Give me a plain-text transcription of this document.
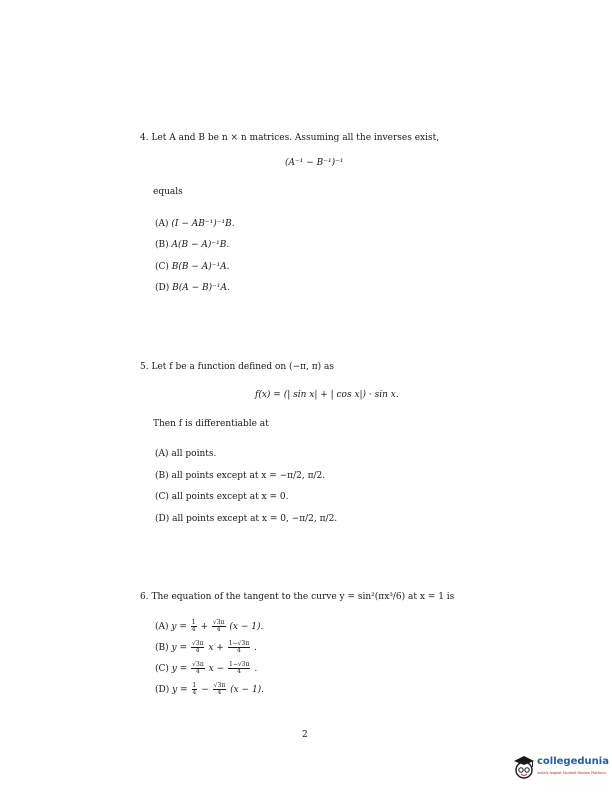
4. Let A and B be n × n matrices. Assuming all the inverses exist,
(A⁻¹ − B⁻¹)⁻¹
equals
(A) (I − AB⁻¹)⁻¹B.
(B) A(B − A)⁻¹B.
(C) B(B − A)⁻¹A.
(D) B(A − B)⁻¹A.
5. Let f be a function defined on (−π, π) as
f(x) = (| sin x| + | cos x|) · sin x.
Then f is differentiable at
(A) all points.
(B) all points except at x = −π/2, π/2.
(C) all points except at x = 0.
(D) all points except at x = 0, −π/2, π/2.
6. The equation of the tangent to the curve y = sin²(πx³/6) at x = 1 is
(A) $y = \frac{1}{4} + \frac{√3\pi}{4} (x - 1)$.
(B) $y = \frac{√3\pi}{4}$ $x + \frac{1-√3\pi}{4}$ .
(C) $y = \frac{√3\pi}{4}$ $x - \frac{1-√3\pi}{4}$ .
(D) $y = \frac{1}{4} - \frac{√3\pi}{4} (x - 1)$.
2
collegedunia
India's largest Student Review Platform
